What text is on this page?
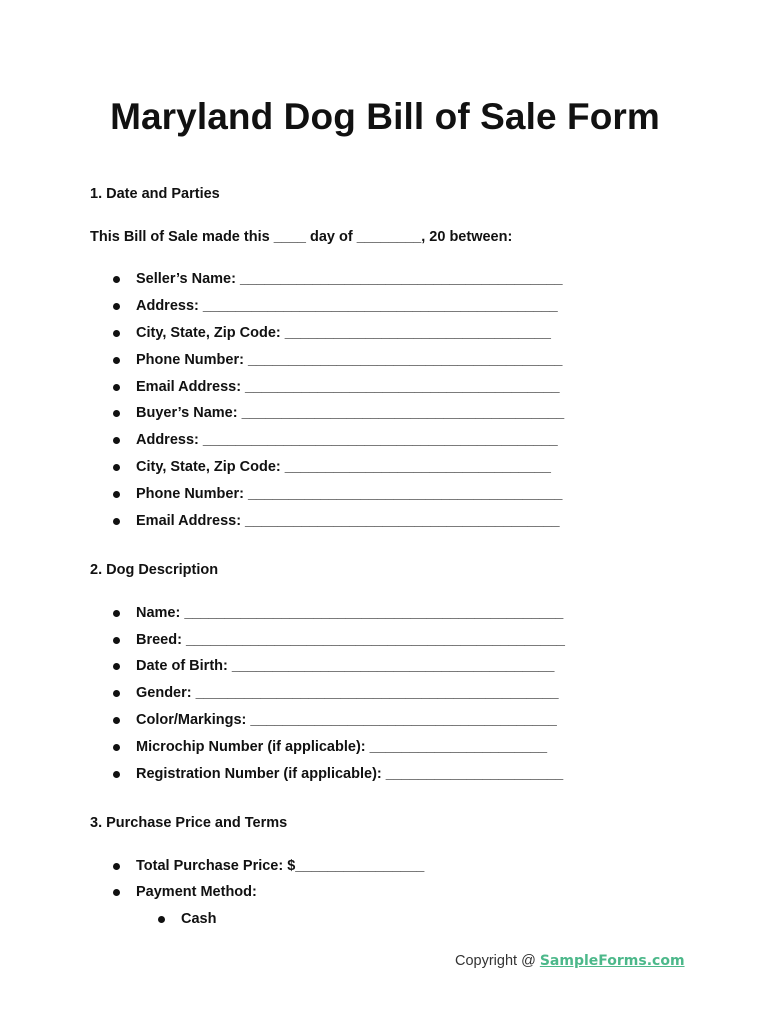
Maryland Dog Bill of Sale Form

1. Date and Parties

This Bill of Sale made this ____ day of ________, 20 between:

Seller’s Name: ________________________________________
Address: ____________________________________________
City, State, Zip Code: _________________________________
Phone Number: _______________________________________
Email Address: _______________________________________
Buyer’s Name: ________________________________________
Address: ____________________________________________
City, State, Zip Code: _________________________________
Phone Number: _______________________________________
Email Address: _______________________________________

2. Dog Description

Name: _______________________________________________
Breed: _______________________________________________
Date of Birth: ________________________________________
Gender: _____________________________________________
Color/Markings: ______________________________________
Microchip Number (if applicable): ______________________
Registration Number (if applicable): ______________________

3. Purchase Price and Terms

Total Purchase Price: $________________
Payment Method:
Cash
Copyright @ SampleForms.com
